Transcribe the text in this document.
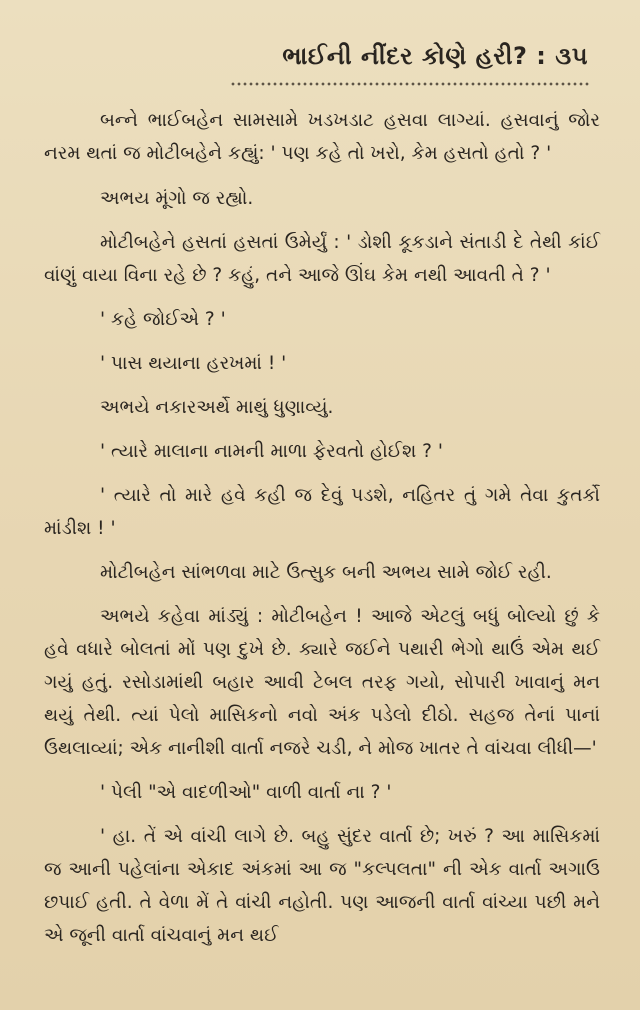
ભાઈની નીંદર કોણે હરી? : ૩૫

બન્ને ભાઈબહેન સામસામે ખડખડાટ હસવા લાગ્યાં. હસવાનું જોર નરમ થતાં જ મોટીબહેને કહ્યું: ' પણ કહે તો ખરો, કેમ હસતો હતો ? '

અભય મૂંગો જ રહ્યો.

મોટીબહેને હસતાં હસતાં ઉમેર્યું : ' ડોશી કૂકડાને સંતાડી દે તેથી કાંઈ વાંણું વાયા વિના રહે છે ? કહું, તને આજે ઊંઘ કેમ નથી આવતી તે ? '

' કહે જોઈએ ? '

' પાસ થયાના હરખમાં ! '

અભયે નકારઅર્થે માથું ધુણાવ્યું.

' ત્યારે માલાના નામની માળા ફેરવતો હોઈશ ? '

' ત્યારે તો મારે હવે કહી જ દેવું પડશે, નહિતર તું ગમે તેવા કુતર્કો માંડીશ ! '

મોટીબહેન સાંભળવા માટે ઉત્સુક બની અભય સામે જોઈ રહી.

અભયે કહેવા માંડ્યું : મોટીબહેન ! આજે એટલું બધું બોલ્યો છું કે હવે વધારે બોલતાં મોં પણ દુખે છે. ક્યારે જઈને પથારી ભેગો થાઉં એમ થઈ ગયું હતું. રસોડામાંથી બહાર આવી ટેબલ તરફ ગયો, સોપારી ખાવાનું મન થયું તેથી. ત્યાં પેલો માસિકનો નવો અંક પડેલો દીઠો. સહજ તેનાં પાનાં ઉથલાવ્યાં; એક નાનીશી વાર્તા નજરે ચડી, ને મોજ ખાતર તે વાંચવા લીધી—'

' પેલી "એ વાદળીઓ" વાળી વાર્તા ના ? '

' હા. તેં એ વાંચી લાગે છે. બહુ સુંદર વાર્તા છે; ખરું ? આ માસિકમાં જ આની પહેલાંના એકાદ અંકમાં આ જ "કલ્પલતા" ની એક વાર્તા અગાઉ છપાઈ હતી. તે વેળા મેં તે વાંચી નહોતી. પણ આજની વાર્તા વાંચ્યા પછી મને એ જૂની વાર્તા વાંચવાનું મન થઈ
